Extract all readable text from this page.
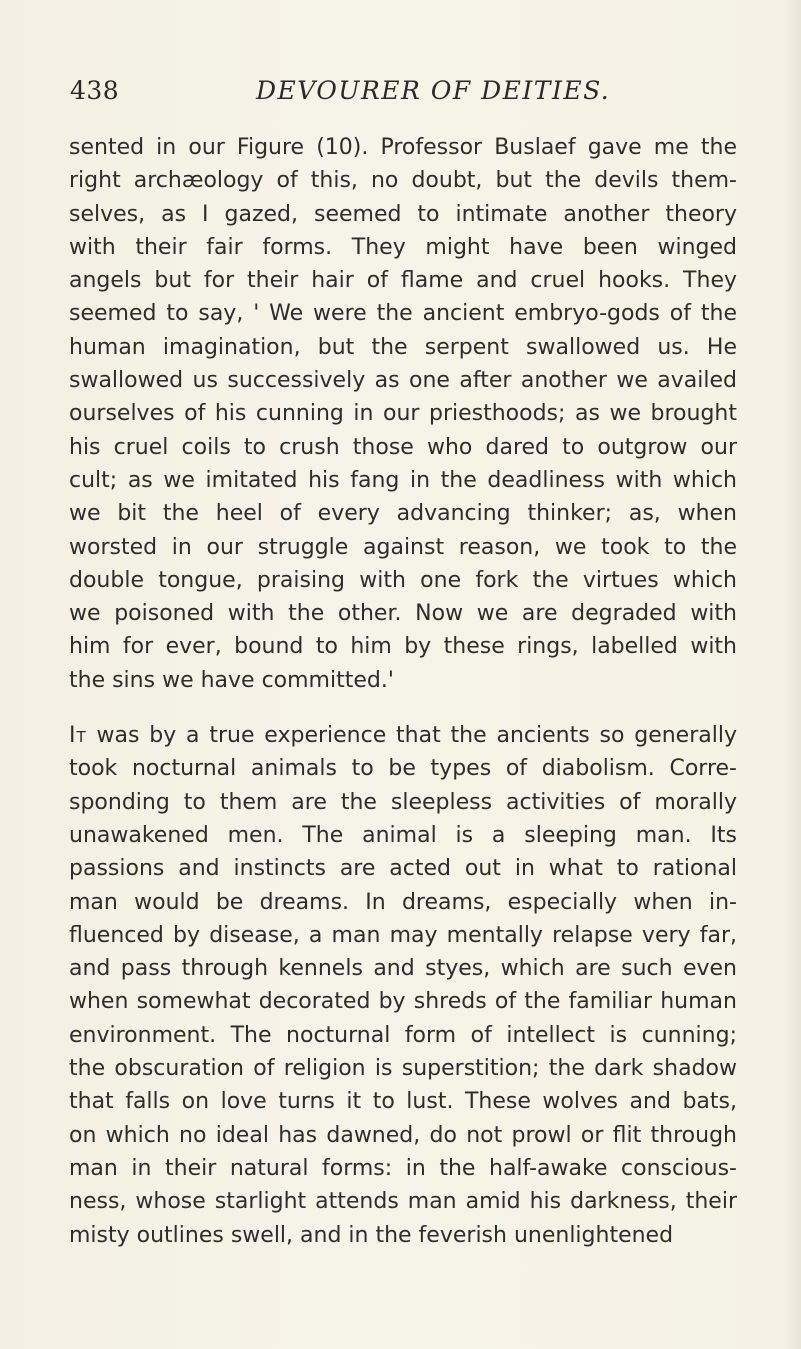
438	DEVOURER OF DEITIES.
sented in our Figure (10). Professor Buslaef gave me the
right archæology of this, no doubt, but the devils them-
selves, as I gazed, seemed to intimate another theory
with their fair forms. They might have been winged
angels but for their hair of flame and cruel hooks. They
seemed to say, ' We were the ancient embryo-gods of the
human imagination, but the serpent swallowed us. He
swallowed us successively as one after another we availed
ourselves of his cunning in our priesthoods; as we brought
his cruel coils to crush those who dared to outgrow our
cult; as we imitated his fang in the deadliness with which
we bit the heel of every advancing thinker; as, when
worsted in our struggle against reason, we took to the
double tongue, praising with one fork the virtues which
we poisoned with the other. Now we are degraded with
him for ever, bound to him by these rings, labelled with
the sins we have committed.'
It was by a true experience that the ancients so generally
took nocturnal animals to be types of diabolism. Corre-
sponding to them are the sleepless activities of morally
unawakened men. The animal is a sleeping man. Its
passions and instincts are acted out in what to rational
man would be dreams. In dreams, especially when in-
fluenced by disease, a man may mentally relapse very far,
and pass through kennels and styes, which are such even
when somewhat decorated by shreds of the familiar human
environment. The nocturnal form of intellect is cunning;
the obscuration of religion is superstition; the dark shadow
that falls on love turns it to lust. These wolves and bats,
on which no ideal has dawned, do not prowl or flit through
man in their natural forms: in the half-awake conscious-
ness, whose starlight attends man amid his darkness, their
misty outlines swell, and in the feverish unenlightened
